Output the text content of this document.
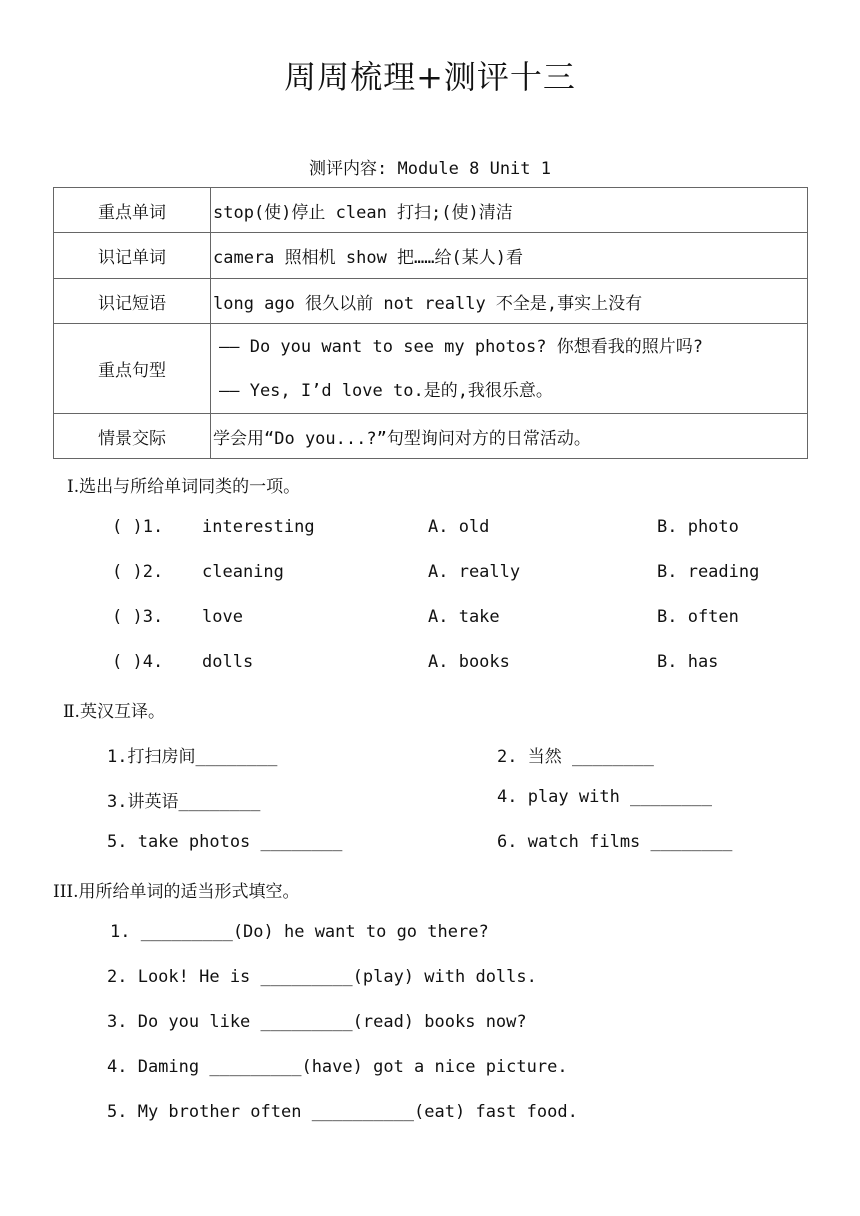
周周梳理+测评十三
测评内容: Module 8 Unit 1
重点单词	stop(使)停止 clean 打扫;(使)清洁
识记单词	camera 照相机 show 把……给(某人)看
识记短语	long ago 很久以前 not really 不全是,事实上没有
重点句型	—— Do you want to see my photos? 你想看我的照片吗?
—— Yes, I’d love to.是的,我很乐意。

情景交际	学会用“Do you...?”句型询问对方的日常活动。
Ⅰ.选出与所给单词同类的一项。
( )1. interesting	A. old	B. photo
( )2. cleaning	A. really	B. reading
( )3. love	A. take	B. often
( )4. dolls	A. books	B. has
Ⅱ.英汉互译。
1.打扫房间________	2. 当然 ________
3.讲英语________	4. play with ________
5. take photos ________	6. watch films ________
III.用所给单词的适当形式填空。
1. _________(Do) he want to go there?
2. Look! He is _________(play) with dolls.
3. Do you like _________(read) books now?
4. Daming _________(have) got a nice picture.
5. My brother often __________(eat) fast food.
